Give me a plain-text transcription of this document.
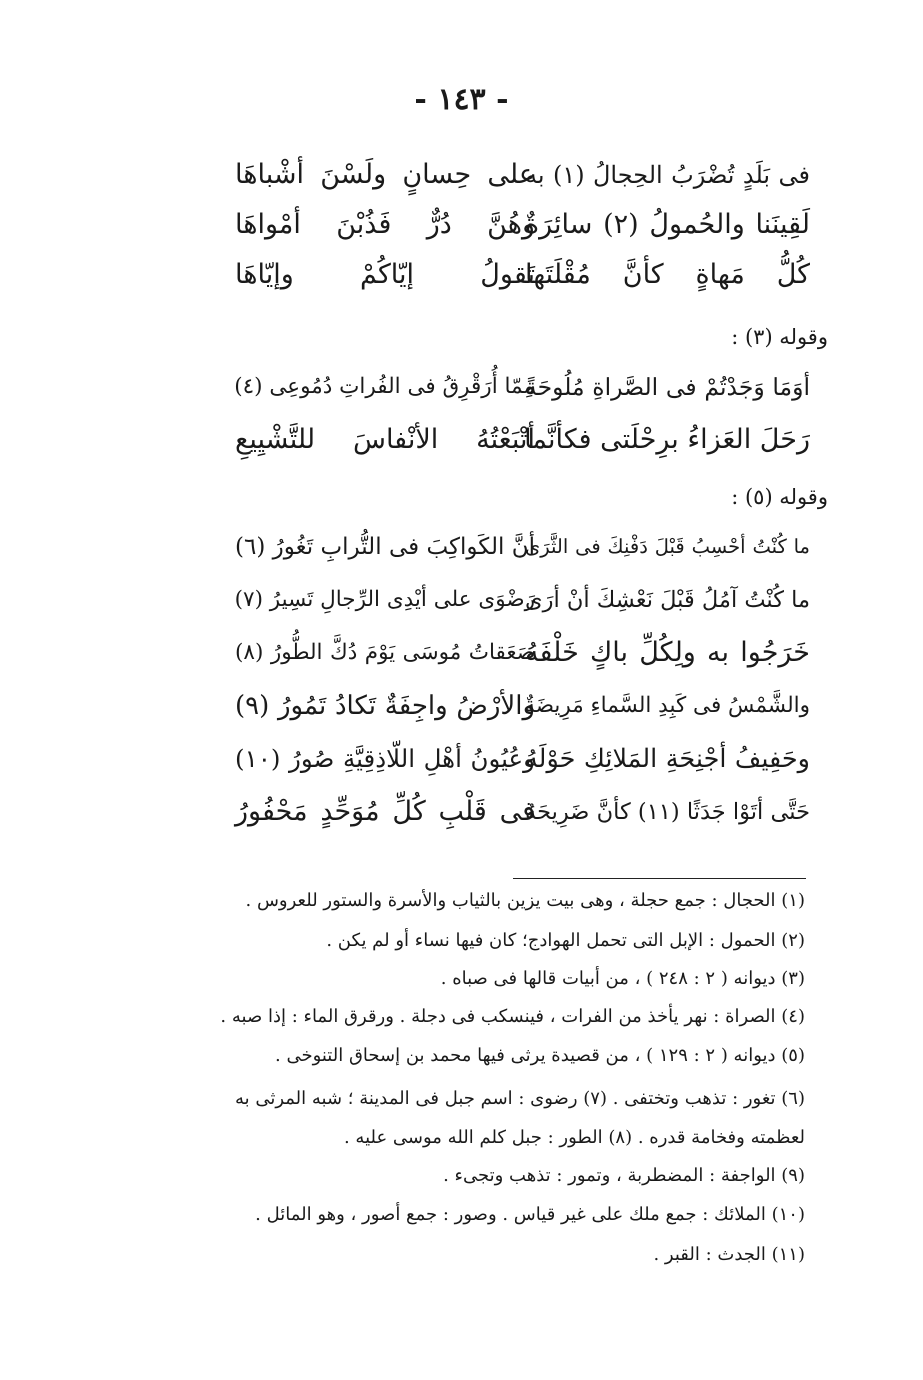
- ١٤٣ -
فى بَلَدٍ تُضْرَبُ الحِجالُ (١) به
على حِسانٍ ولَسْنَ أشْباهَا
لَقِينَنا والحُمولُ (٢) سائِرَةٌ
وهُنَّ دُرٌّ فَذُبْنَ أمْواهَا
كُلُّ مَهاةٍ كأنَّ مُقْلَتَها
تَقولُ إيّاكُمْ وإيّاهَا
وقوله (٣) :
أوَمَا وَجَدْتُمْ فى الصَّراةِ مُلُوحَةً
مِمّا أُرَقْرِقُ فى الفُراتِ دُمُوعِى (٤)
رَحَلَ العَزاءُ برِحْلَتى فكأنَّما
أتْبَعْتُهُ الأنْفاسَ للتَّشْيِيعِ
وقوله (٥) :
ما كُنْتُ أحْسِبُ قَبْلَ دَفْنِكَ فى الثَّرَى
أنَّ الكَواكِبَ فى التُّرابِ تَغُورُ (٦)
ما كُنْتُ آمُلُ قَبْلَ نَعْشِكَ أنْ أرَى
رَضْوَى على أيْدِى الرِّجالِ تَسِيرُ (٧)
خَرَجُوا به ولِكُلِّ باكٍ خَلْفَهُ
صَعَقاتُ مُوسَى يَوْمَ دُكَّ الطُّورُ (٨)
والشَّمْسُ فى كَبِدِ السَّماءِ مَرِيضَةٌ
والأرْضُ واجِفَةٌ تَكادُ تَمُورُ (٩)
وحَفِيفُ أجْنِحَةِ المَلائِكِ حَوْلَهُ
وعُيُونُ أهْلِ اللّاذِقِيَّةِ صُورُ (١٠)
حَتَّى أتَوْا جَدَثًا (١١) كأنَّ ضَرِيحَهُ
فى قَلْبِ كُلِّ مُوَحِّدٍ مَحْفُورُ
(١) الحجال : جمع حجلة ، وهى بيت يزين بالثياب والأسرة والستور للعروس .
(٢) الحمول : الإبل التى تحمل الهوادج؛ كان فيها نساء أو لم يكن .
(٣) ديوانه ( ٢ : ٢٤٨ ) ، من أبيات قالها فى صباه .
(٤) الصراة : نهر يأخذ من الفرات ، فينسكب فى دجلة . ورقرق الماء : إذا صبه .
(٥) ديوانه ( ٢ : ١٢٩ ) ، من قصيدة يرثى فيها محمد بن إسحاق التنوخى .
(٦) تغور : تذهب وتختفى . (٧) رضوى : اسم جبل فى المدينة ؛ شبه المرثى به
لعظمته وفخامة قدره . (٨) الطور : جبل كلم الله موسى عليه .
(٩) الواجفة : المضطربة ، وتمور : تذهب وتجىء .
(١٠) الملائك : جمع ملك على غير قياس . وصور : جمع أصور ، وهو المائل .
(١١) الجدث : القبر .
